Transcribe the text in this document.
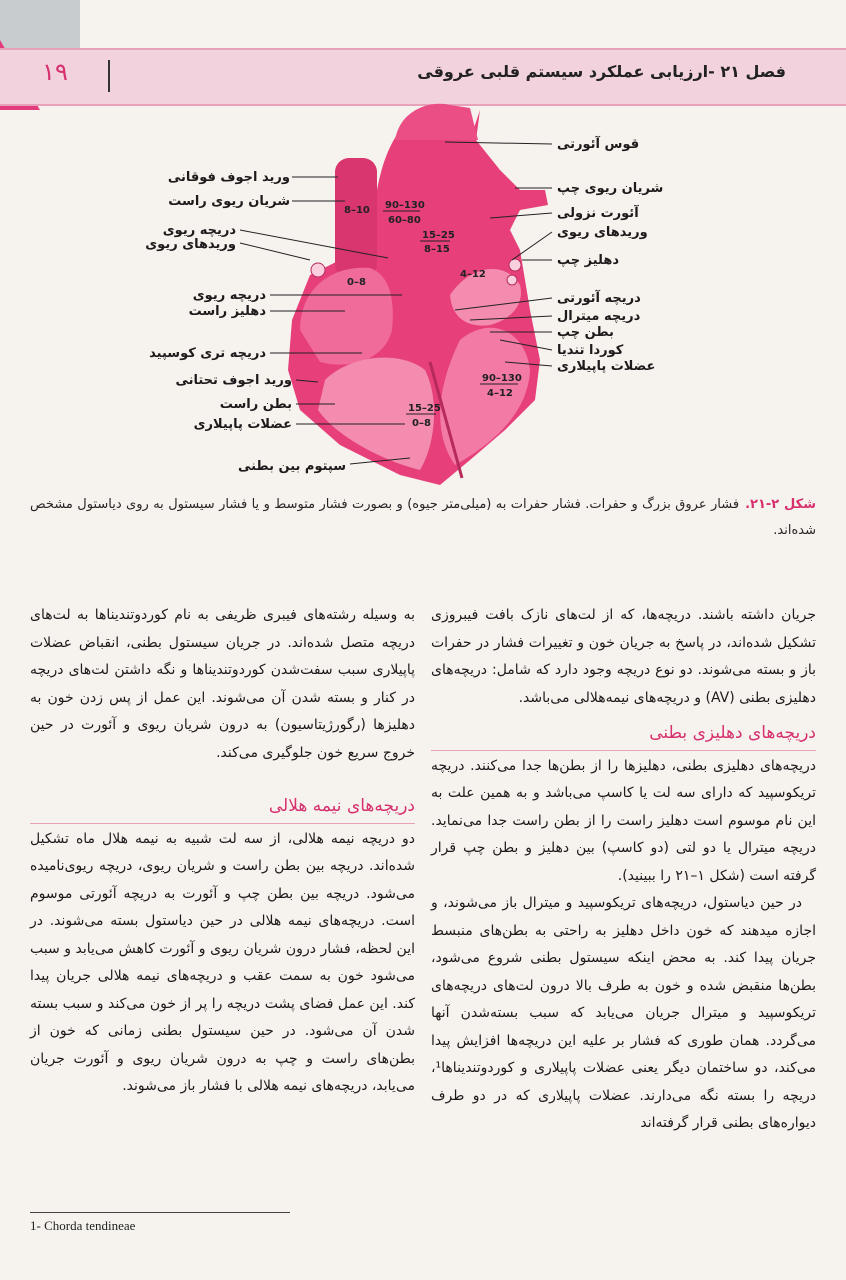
۱۹	فصل ۲۱ -ارزیابی عملکرد سیستم قلبی عروقی
قوس آئورتی
شریان ریوی چپ
آئورت نزولی
وریدهای ریوی
دهلیز چپ
دریچه آئورتی
دریچه میترال
بطن چپ
کوردا تندیا
عضلات پاپیلاری
ورید اجوف فوقانی
شریان ریوی راست
دریچه ریوی
وریدهای ریوی
دریچه ریوی
دهلیز راست
دریچه تری کوسپید
ورید اجوف تحتانی
بطن راست
عضلات پاپیلاری
سپتوم بین بطنی
90–130
60–80
8–10
15–25
8–15
4–12
0–8
90–130
4–12
15–25
0–8
شکل ۲-۲۱.فشار عروق بزرگ و حفرات. فشار حفرات به (میلی‌متر جیوه) و بصورت فشار متوسط و یا فشار سیستول به روی دیاستول مشخص شده‌اند.

جریان داشته باشند. دریچه‌ها، که از لت‌های نازک بافت فیبروزی تشکیل شده‌اند، در پاسخ به جریان خون و تغییرات فشار در حفرات باز و بسته می‌شوند. دو نوع دریچه وجود دارد که شامل: دریچه‌های دهلیزی بطنی (AV) و دریچه‌های نیمه‌هلالی می‌باشد.

دریچه‌های دهلیزی بطنی

دریچه‌های دهلیزی بطنی، دهلیزها را از بطن‌ها جدا می‌کنند. دریچه تریکوسپید که دارای سه لت یا کاسپ می‌باشد و به همین علت به این نام موسوم است دهلیز راست را از بطن راست جدا می‌نماید. دریچه میترال یا دو لتی (دو کاسپ) بین دهلیز و بطن چپ قرار گرفته است (شکل ۱–۲۱ را ببینید).

در حین دیاستول، دریچه‌های تریکوسپید و میترال باز می‌شوند، و اجازه میدهند که خون داخل دهلیز به راحتی به بطن‌های منبسط جریان پیدا کند. به محض اینکه سیستول بطنی شروع می‌شود، بطن‌ها منقبض شده و خون به طرف بالا درون لت‌های دریچه‌های تریکوسپید و میترال جریان می‌یابد که سبب بسته‌شدن آنها می‌گردد. همان طوری که فشار بر علیه این دریچه‌ها افزایش پیدا می‌کند، دو ساختمان دیگر یعنی عضلات پاپیلاری و کوردوتندیناها¹، دریچه را بسته نگه می‌دارند. عضلات پاپیلاری که در دو طرف دیواره‌های بطنی قرار گرفته‌اند

به وسیله رشته‌های فیبری ظریفی به نام کوردوتندیناها به لت‌های دریچه متصل شده‌اند. در جریان سیستول بطنی، انقباض عضلات پاپیلاری سبب سفت‌شدن کوردوتندیناها و نگه داشتن لت‌های دریچه در کنار و بسته شدن آن می‌شوند. این عمل از پس زدن خون به دهلیزها (رگورژیتاسیون) به درون شریان ریوی و آئورت در حین خروج سریع خون جلوگیری می‌کند.

دریچه‌های نیمه هلالی

دو دریچه نیمه هلالی، از سه لت شبیه به نیمه هلال ماه تشکیل شده‌اند. دریچه بین بطن راست و شریان ریوی، دریچه ریوی‌نامیده می‌شود. دریچه بین بطن چپ و آئورت به دریچه آئورتی موسوم است. دریچه‌های نیمه هلالی در حین دیاستول بسته می‌شوند. در این لحظه، فشار درون شریان ریوی و آئورت کاهش می‌یابد و سبب می‌شود خون به سمت عقب و دریچه‌های نیمه هلالی جریان پیدا کند. این عمل فضای پشت دریچه را پر از خون می‌کند و سبب بسته شدن آن می‌شود. در حین سیستول بطنی زمانی که خون از بطن‌های راست و چپ به درون شریان ریوی و آئورت جریان می‌یابد، دریچه‌های نیمه هلالی با فشار باز می‌شوند.

1- Chorda tendineae
